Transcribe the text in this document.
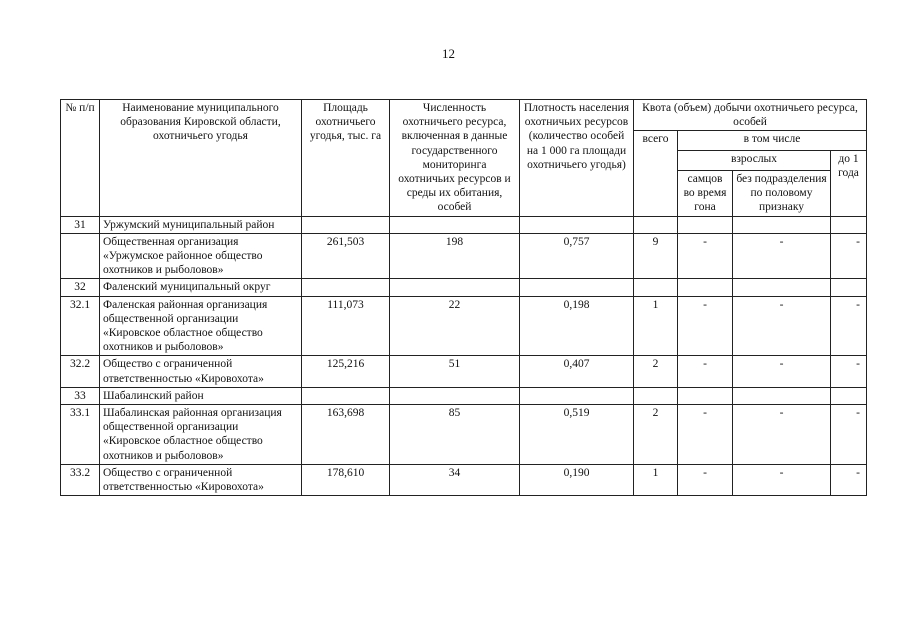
12
№ п/п	Наименование муниципального образования Кировской области, охотничьего угодья	Площадь охотничьего угодья, тыс. га	Численность охотничьего ресурса, включенная в данные государственного мониторинга охотничьих ресурсов и среды их обитания, особей	Плотность населения охотничьих ресурсов (количество особей на 1 000 га площади охотничьего угодья)	Квота (объем) добычи охотничьего ресурса, особей			
					всего	в том числе		
						взрослых		до 1 года
						самцов во время гона	без подразделения по половому признаку	
31	Уржумский муниципальный район							
	Общественная организация «Уржумское районное общество охотников и рыболовов»	261,503	198	0,757	9	-	-	-
32	Фаленский муниципальный округ							
32.1	Фаленская районная организация общественной организации «Кировское областное общество охотников и рыболовов»	111,073	22	0,198	1	-	-	-
32.2	Общество с ограниченной ответственностью «Кировохота»	125,216	51	0,407	2	-	-	-
33	Шабалинский район							
33.1	Шабалинская районная организация общественной организации «Кировское областное общество охотников и рыболовов»	163,698	85	0,519	2	-	-	-
33.2	Общество с ограниченной ответственностью «Кировохота»	178,610	34	0,190	1	-	-	-
